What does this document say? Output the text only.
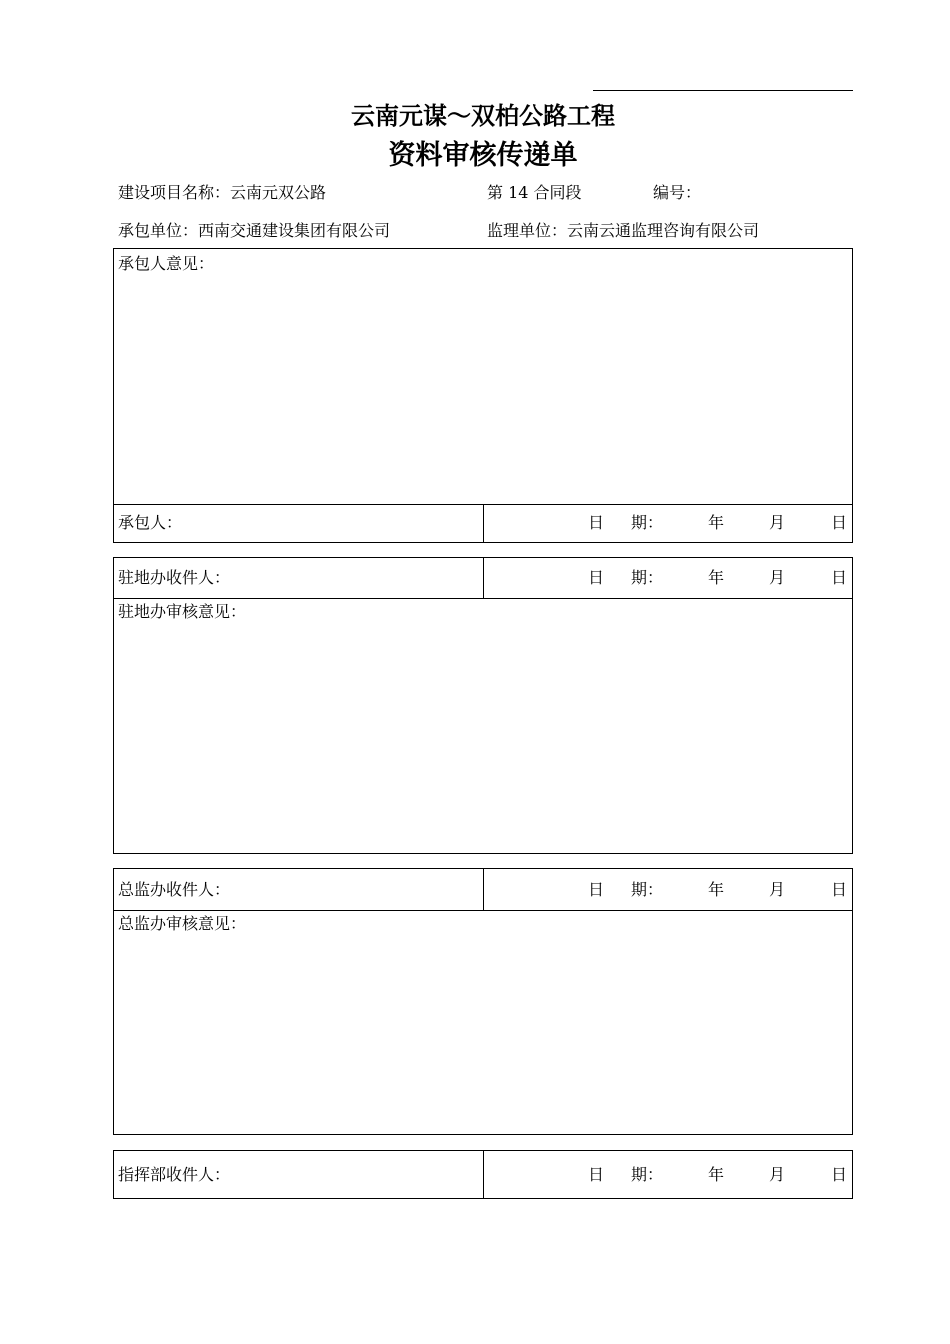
云南元谋～双柏公路工程
资料审核传递单
建设项目名称：云南元双公路	第 14 合同段	编号：
承包单位：西南交通建设集团有限公司	监理单位：云南云通监理咨询有限公司
承包人意见：
承包人：	日 期：	年	月	日
驻地办收件人：	日 期：	年	月	日
驻地办审核意见：
总监办收件人：	日 期：	年	月	日
总监办审核意见：
指挥部收件人：	日 期：	年	月	日
